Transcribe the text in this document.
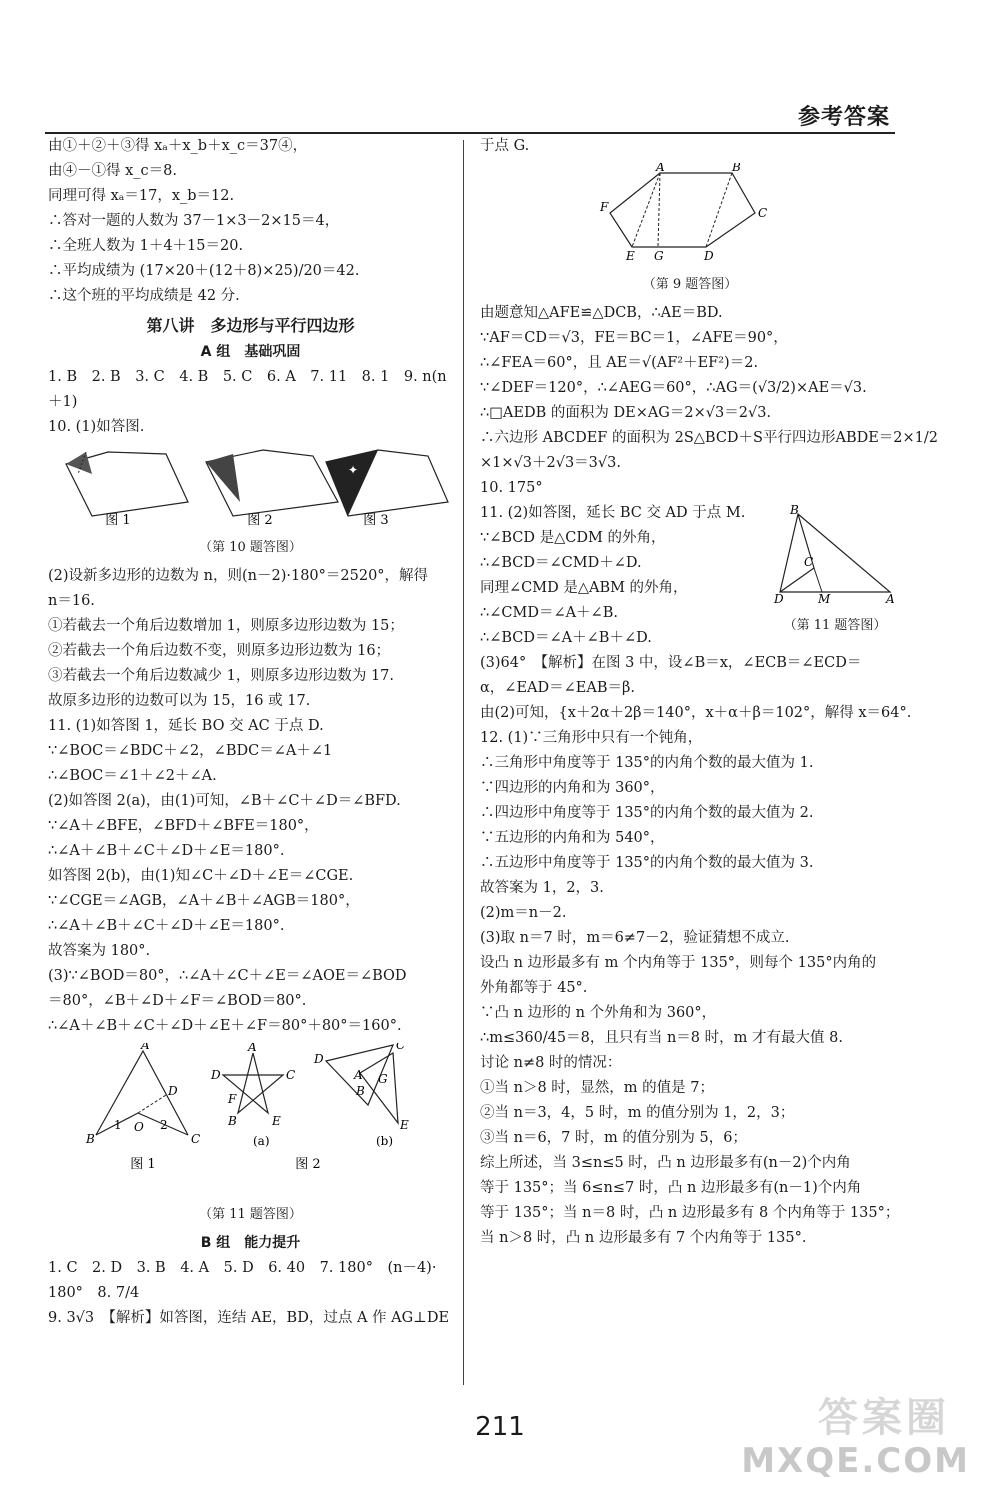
参考答案
由①＋②＋③得 xₐ＋x_b＋x_c＝37④，
由④－①得 x_c＝8.
同理可得 xₐ＝17，x_b＝12.
∴答对一题的人数为 37－1×3－2×15＝4，
∴全班人数为 1＋4＋15＝20.
∴平均成绩为 (17×20＋(12＋8)×25)/20＝42.
∴这个班的平均成绩是 42 分.
第八讲　多边形与平行四边形
A 组　基础巩固
1. B　2. B　3. C　4. B　5. C　6. A　7. 11　8. 1　9. n(n
＋1)
10. (1)如答图.
✦
图 1	图 2	图 3
（第 10 题答图）
(2)设新多边形的边数为 n，则(n－2)·180°＝2520°，解得
n＝16.
①若截去一个角后边数增加 1，则原多边形边数为 15；
②若截去一个角后边数不变，则原多边形边数为 16；
③若截去一个角后边数减少 1，则原多边形边数为 17.
故原多边形的边数可以为 15，16 或 17.
11. (1)如答图 1，延长 BO 交 AC 于点 D.
∵∠BOC＝∠BDC＋∠2，∠BDC＝∠A＋∠1
∴∠BOC＝∠1＋∠2＋∠A.
(2)如答图 2(a)，由(1)可知，∠B＋∠C＋∠D＝∠BFD.
∵∠A＋∠BFE，∠BFD＋∠BFE＝180°，
∴∠A＋∠B＋∠C＋∠D＋∠E＝180°.
如答图 2(b)，由(1)知∠C＋∠D＋∠E＝∠CGE.
∵∠CGE＝∠AGB，∠A＋∠B＋∠AGB＝180°，
∴∠A＋∠B＋∠C＋∠D＋∠E＝180°.
故答案为 180°.
(3)∵∠BOD＝80°，∴∠A＋∠C＋∠E＝∠AOE＝∠BOD
＝80°，∠B＋∠D＋∠F＝∠BOD＝80°.
∴∠A＋∠B＋∠C＋∠D＋∠E＋∠F＝80°＋80°＝160°.
A
D
B	C
O
1	2
A
D	C
F
B	E
D
C
A
B
G
E
(a)	(b)
图 1	图 2
（第 11 题答图）
B 组　能力提升
1. C　2. D　3. B　4. A　5. D　6. 40　7. 180°　(n－4)·
180°　8. 7/4
9. 3√3　【解析】如答图，连结 AE，BD，过点 A 作 AG⊥DE
于点 G.
A	B
C
D
G
E
F
（第 9 题答图）
由题意知△AFE≌△DCB，∴AE＝BD.
∵AF＝CD＝√3，FE＝BC＝1，∠AFE＝90°，
∴∠FEA＝60°，且 AE＝√(AF²＋EF²)＝2.
∵∠DEF＝120°，∴∠AEG＝60°，∴AG＝(√3/2)×AE＝√3.
∴□AEDB 的面积为 DE×AG＝2×√3＝2√3.
∴六边形 ABCDEF 的面积为 2S△BCD＋S平行四边形ABDE＝2×1/2
×1×√3＋2√3＝3√3.
10. 175°
11. (2)如答图，延长 BC 交 AD 于点 M.
∵∠BCD 是△CDM 的外角，
∴∠BCD＝∠CMD＋∠D.
同理∠CMD 是△ABM 的外角，
∴∠CMD＝∠A＋∠B.
∴∠BCD＝∠A＋∠B＋∠D.
B
C
D	M	A
（第 11 题答图）
(3)64°　【解析】在图 3 中，设∠B＝x，∠ECB＝∠ECD＝
α，∠EAD＝∠EAB＝β.
由(2)可知，{x＋2α＋2β＝140°，x＋α＋β＝102°，解得 x＝64°.
12. (1)∵三角形中只有一个钝角，
∴三角形中角度等于 135°的内角个数的最大值为 1.
∵四边形的内角和为 360°，
∴四边形中角度等于 135°的内角个数的最大值为 2.
∵五边形的内角和为 540°，
∴五边形中角度等于 135°的内角个数的最大值为 3.
故答案为 1，2，3.
(2)m＝n－2.
(3)取 n＝7 时，m＝6≠7－2，验证猜想不成立.
设凸 n 边形最多有 m 个内角等于 135°，则每个 135°内角的
外角都等于 45°.
∵凸 n 边形的 n 个外角和为 360°，
∴m≤360/45＝8，且只有当 n＝8 时，m 才有最大值 8.
讨论 n≠8 时的情况：
①当 n＞8 时，显然，m 的值是 7；
②当 n＝3，4，5 时，m 的值分别为 1，2，3；
③当 n＝6，7 时，m 的值分别为 5，6；
综上所述，当 3≤n≤5 时，凸 n 边形最多有(n－2)个内角
等于 135°；当 6≤n≤7 时，凸 n 边形最多有(n－1)个内角
等于 135°；当 n＝8 时，凸 n 边形最多有 8 个内角等于 135°；
当 n＞8 时，凸 n 边形最多有 7 个内角等于 135°.
211	答案圈
MXQE.COM
